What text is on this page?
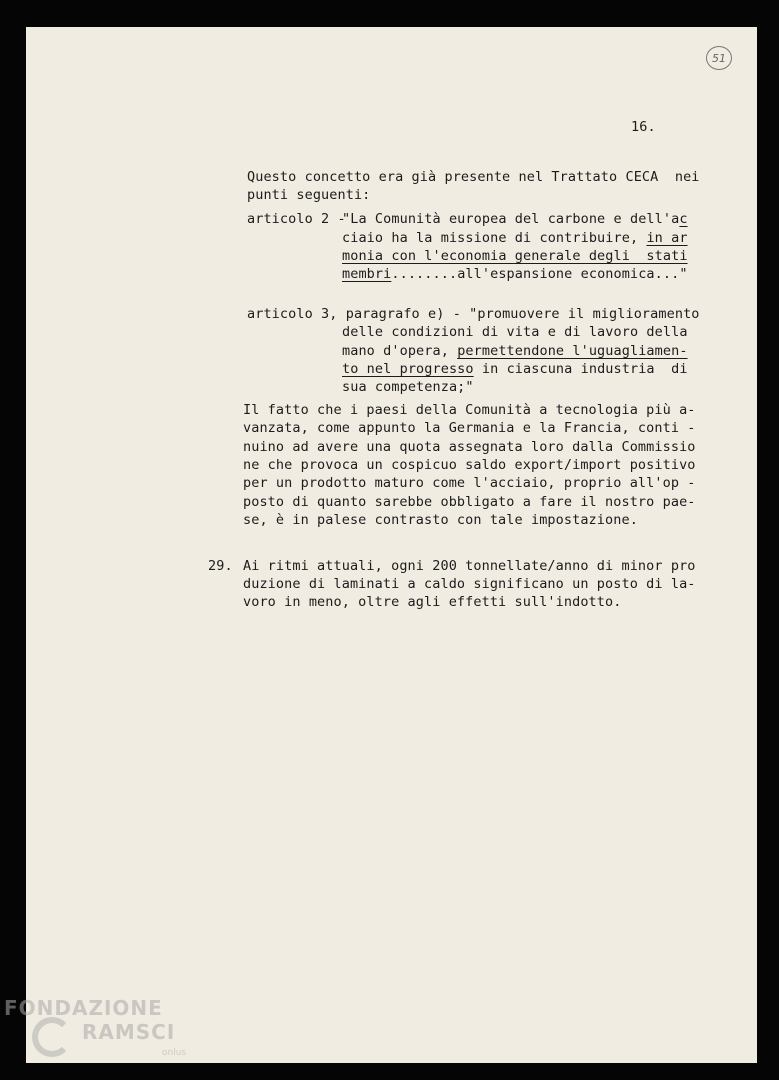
51
16.
Questo concetto era già presente nel Trattato CECA  nei
punti seguenti:
articolo 2 -
"La Comunità europea del carbone e dell'ac
ciaio ha la missione di contribuire, in ar
monia con l'economia generale degli  stati
membri........all'espansione economica..."
articolo 3, paragrafo e) - "promuovere il miglioramento
delle condizioni di vita e di lavoro della
mano d'opera, permettendone l'uguagliamen-
to nel progresso in ciascuna industria  di
sua competenza;"
Il fatto che i paesi della Comunità a tecnologia più a-
vanzata, come appunto la Germania e la Francia, conti -
nuino ad avere una quota assegnata loro dalla Commissio
ne che provoca un cospicuo saldo export/import positivo
per un prodotto maturo come l'acciaio, proprio all'op -
posto di quanto sarebbe obbligato a fare il nostro pae-
se, è in palese contrasto con tale impostazione.
29. Ai ritmi attuali, ogni 200 tonnellate/anno di minor pro
duzione di laminati a caldo significano un posto di la-
voro in meno, oltre agli effetti sull'indotto.
FONDAZIONE
RAMSCI
onlus
